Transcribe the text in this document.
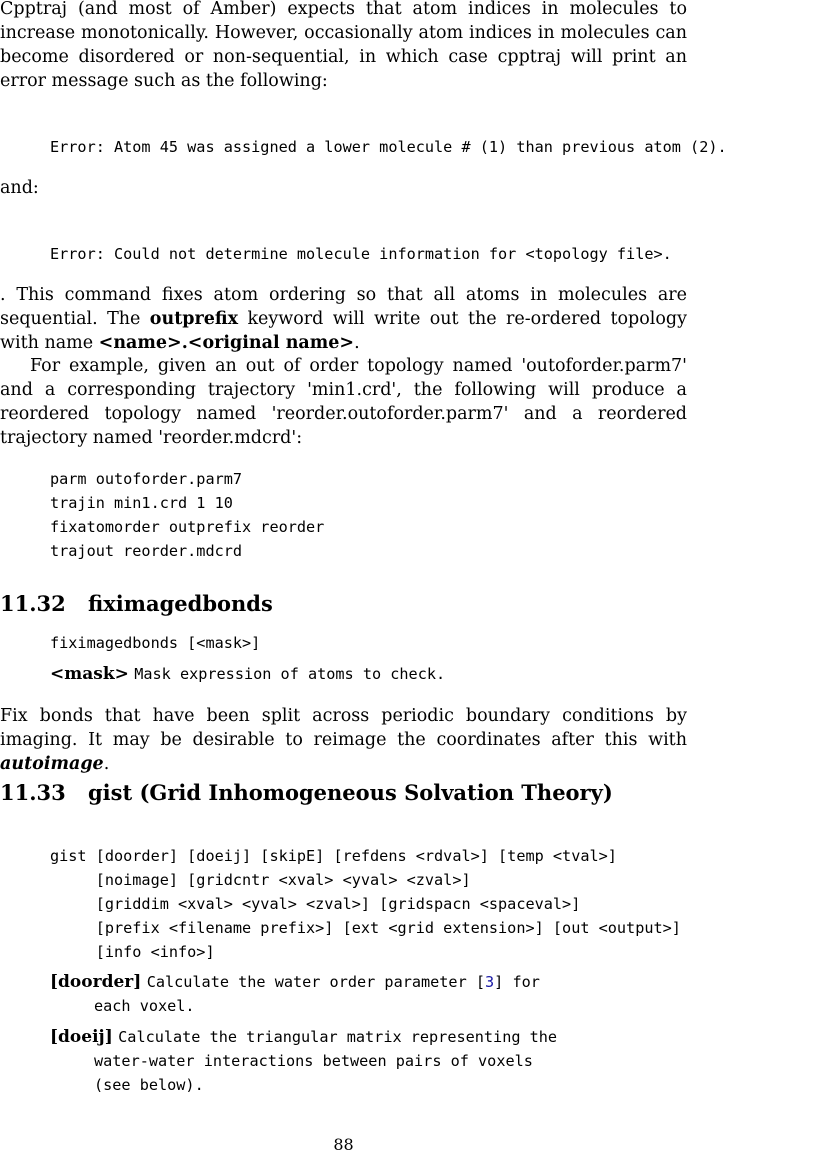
Cpptraj (and most of Amber) expects that atom indices in molecules to increase monotonically. However, occasionally atom indices in molecules can become disordered or non-sequential, in which case cpptraj will print an error message such as the following:

Error: Atom 45 was assigned a lower molecule # (1) than previous atom (2).

and:

Error: Could not determine molecule information for <topology file>.

. This command fixes atom ordering so that all atoms in molecules are sequential. The outprefix keyword will write out the re-ordered topology with name <name>.<original name>.

For example, given an out of order topology named 'outoforder.parm7' and a corresponding trajectory 'min1.crd', the following will produce a reordered topology named 'reorder.outoforder.parm7' and a reordered trajectory named 'reorder.mdcrd':

parm outoforder.parm7
trajin min1.crd 1 10
fixatomorder outprefix reorder
trajout reorder.mdcrd
11.32 fiximagedbonds
fiximagedbonds [<mask>]

<mask> Mask expression of atoms to check.

Fix bonds that have been split across periodic boundary conditions by imaging. It may be desirable to reimage the coordinates after this with autoimage.

11.33 gist (Grid Inhomogeneous Solvation Theory)
gist [doorder] [doeij] [skipE] [refdens <rdval>] [temp <tval>]
[noimage] [gridcntr <xval> <yval> <zval>]
[griddim <xval> <yval> <zval>] [gridspacn <spaceval>]
[prefix <filename prefix>] [ext <grid extension>] [out <output>]
[info <info>]
[doorder] Calculate the water order parameter [3] for
each voxel.
[doeij] Calculate the triangular matrix representing the
water-water interactions between pairs of voxels
(see below).

88
